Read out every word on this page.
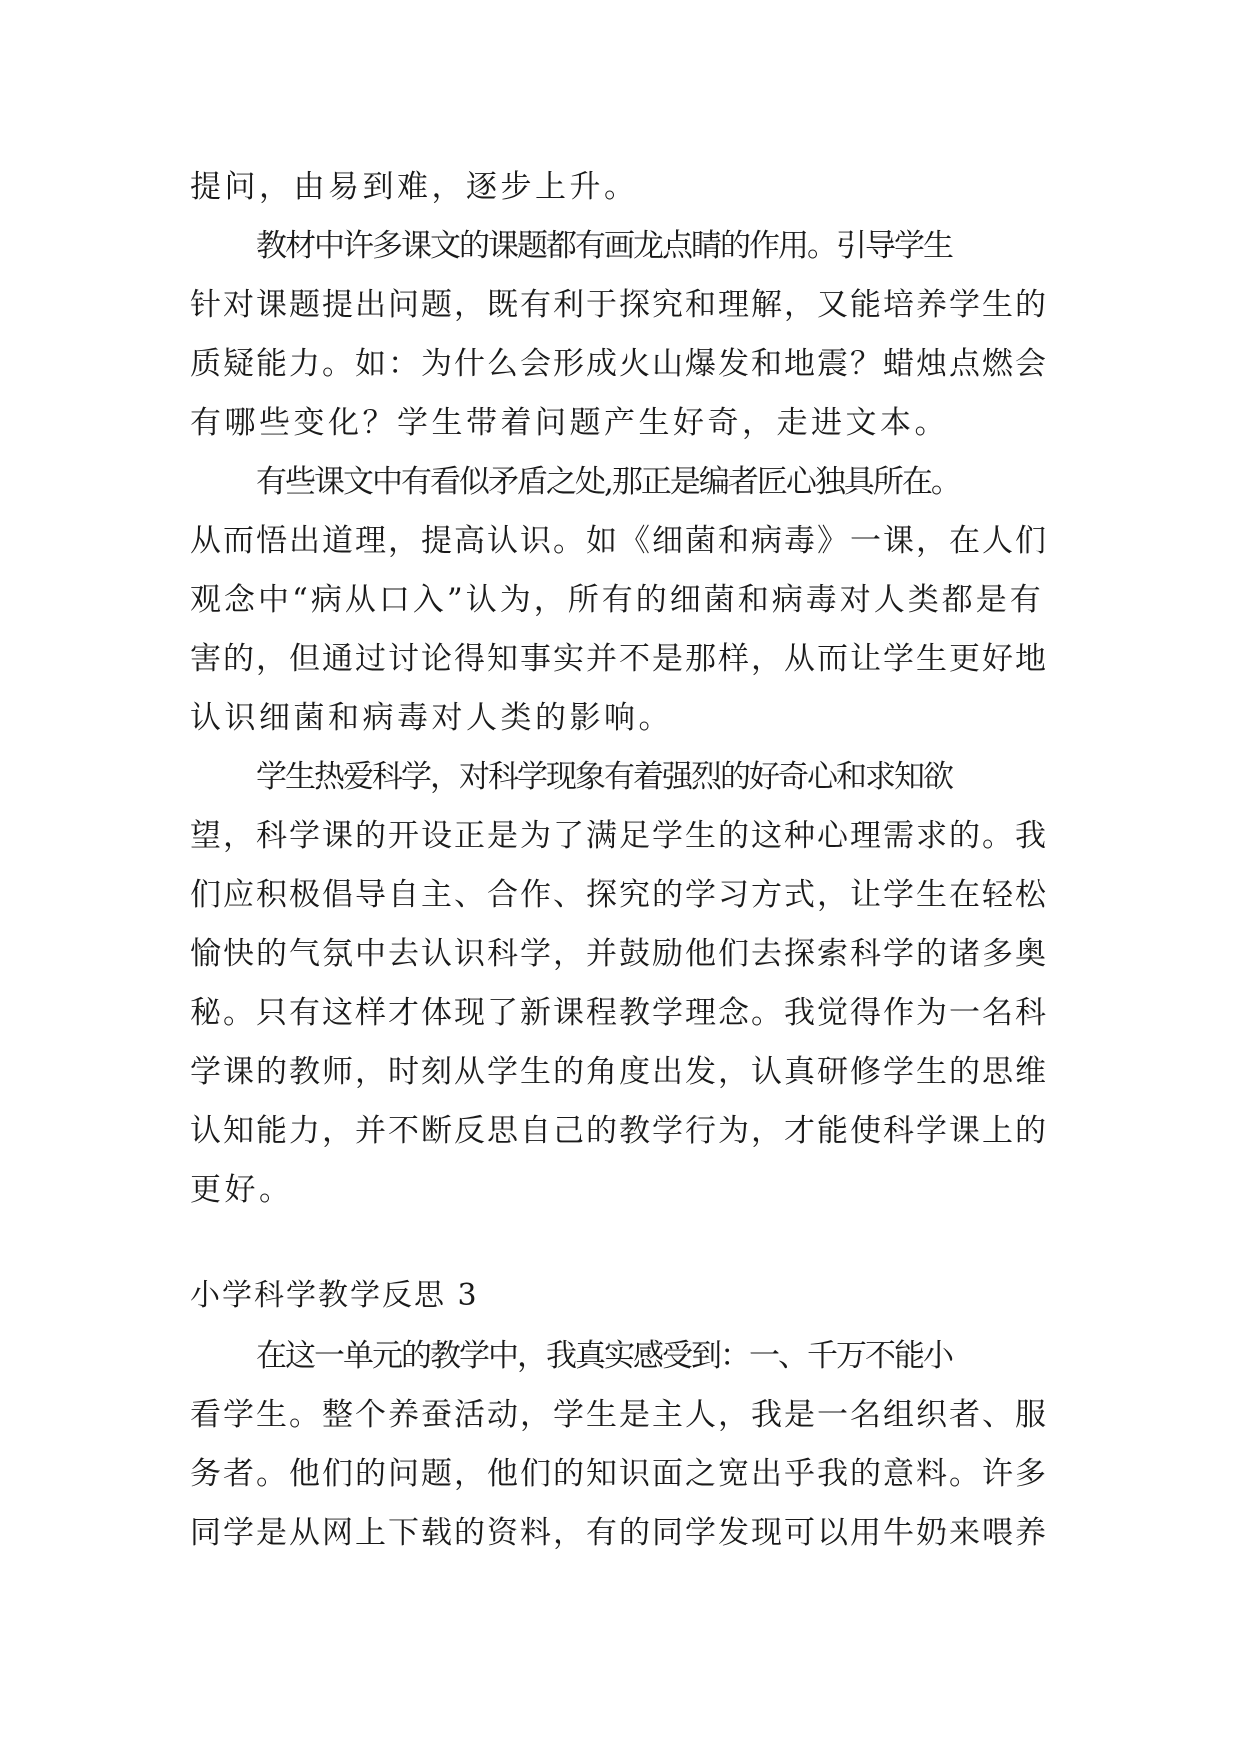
提问，由易到难，逐步上升。
教材中许多课文的课题都有画龙点睛的作用。引导学生
针对课题提出问题，既有利于探究和理解，又能培养学生的
质疑能力。如：为什么会形成火山爆发和地震？蜡烛点燃会
有哪些变化？学生带着问题产生好奇，走进文本。
有些课文中有看似矛盾之处,那正是编者匠心独具所在。
从而悟出道理，提高认识。如《细菌和病毒》一课，在人们
观念中“病从口入”认为，所有的细菌和病毒对人类都是有
害的，但通过讨论得知事实并不是那样，从而让学生更好地
认识细菌和病毒对人类的影响。
学生热爱科学，对科学现象有着强烈的好奇心和求知欲
望，科学课的开设正是为了满足学生的这种心理需求的。我
们应积极倡导自主、合作、探究的学习方式，让学生在轻松
愉快的气氛中去认识科学，并鼓励他们去探索科学的诸多奥
秘。只有这样才体现了新课程教学理念。我觉得作为一名科
学课的教师，时刻从学生的角度出发，认真研修学生的思维
认知能力，并不断反思自己的教学行为，才能使科学课上的
更好。
小学科学教学反思 3
在这一单元的教学中，我真实感受到：一、千万不能小
看学生。整个养蚕活动，学生是主人，我是一名组织者、服
务者。他们的问题，他们的知识面之宽出乎我的意料。许多
同学是从网上下载的资料，有的同学发现可以用牛奶来喂养
